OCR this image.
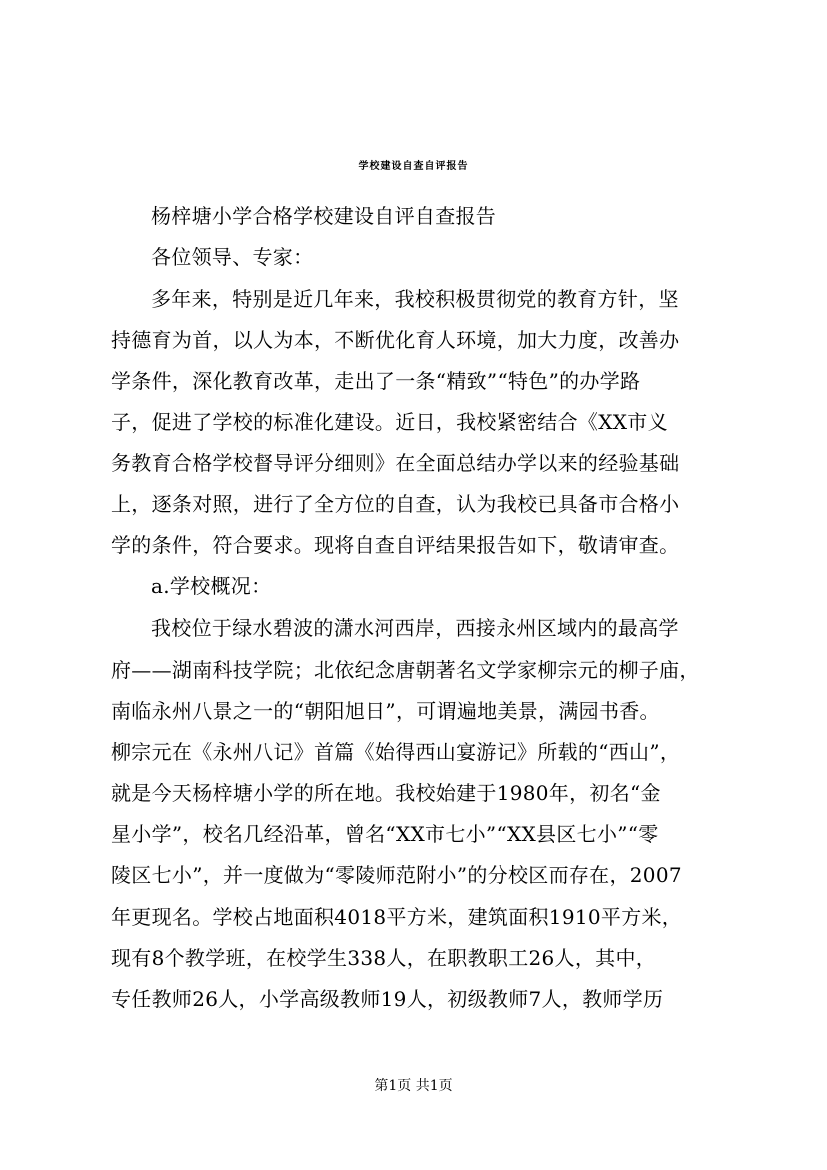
学校建设自查自评报告
杨梓塘小学合格学校建设自评自查报告
各位领导、专家：
多年来，特别是近几年来，我校积极贯彻党的教育方针，坚
持德育为首，以人为本，不断优化育人环境，加大力度，改善办
学条件，深化教育改革，走出了一条“精致”“特色”的办学路
子，促进了学校的标准化建设。近日，我校紧密结合《XX市义
务教育合格学校督导评分细则》在全面总结办学以来的经验基础
上，逐条对照，进行了全方位的自查，认为我校已具备市合格小
学的条件，符合要求。现将自查自评结果报告如下，敬请审查。
a.学校概况：
我校位于绿水碧波的潇水河西岸，西接永州区域内的最高学
府——湖南科技学院；北依纪念唐朝著名文学家柳宗元的柳子庙，
南临永州八景之一的“朝阳旭日”，可谓遍地美景，满园书香。
柳宗元在《永州八记》首篇《始得西山宴游记》所载的“西山”，
就是今天杨梓塘小学的所在地。我校始建于1980年，初名“金
星小学”，校名几经沿革，曾名“XX市七小”“XX县区七小”“零
陵区七小”，并一度做为“零陵师范附小”的分校区而存在，2007
年更现名。学校占地面积4018平方米，建筑面积1910平方米，
现有8个教学班，在校学生338人，在职教职工26人，其中，
专任教师26人，小学高级教师19人，初级教师7人，教师学历
第1页 共1页
